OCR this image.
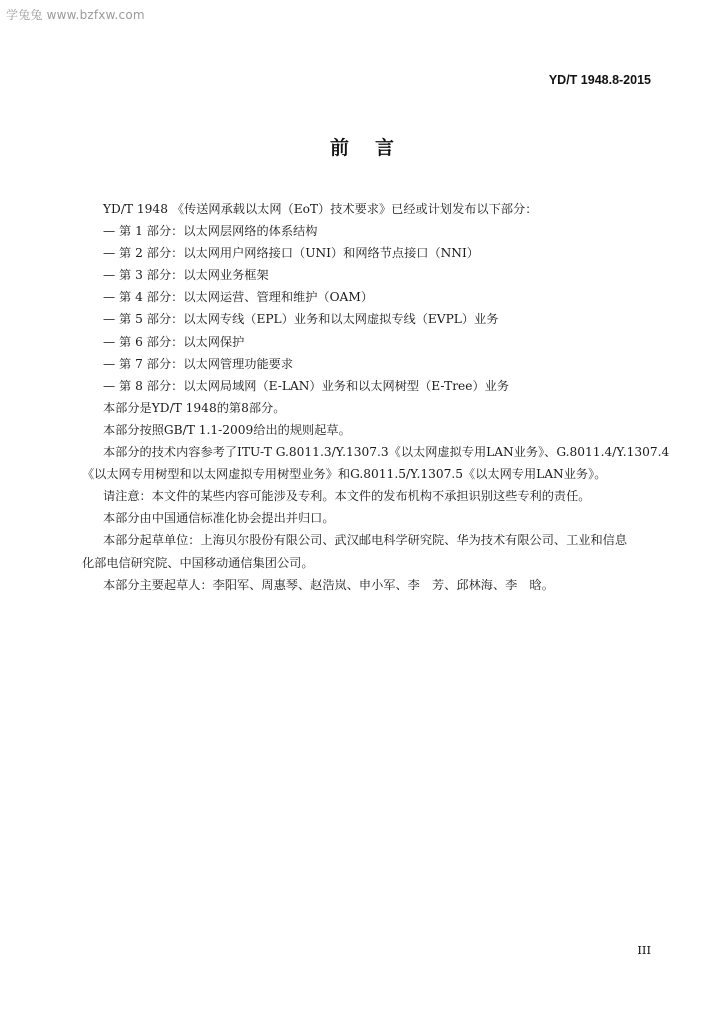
学兔兔 www.bzfxw.com
YD/T 1948.8-2015
前言
YD/T 1948 《传送网承载以太网（EoT）技术要求》已经或计划发布以下部分：
— 第 1 部分：以太网层网络的体系结构
— 第 2 部分：以太网用户网络接口（UNI）和网络节点接口（NNI）
— 第 3 部分：以太网业务框架
— 第 4 部分：以太网运营、管理和维护（OAM）
— 第 5 部分：以太网专线（EPL）业务和以太网虚拟专线（EVPL）业务
— 第 6 部分：以太网保护
— 第 7 部分：以太网管理功能要求
— 第 8 部分：以太网局域网（E-LAN）业务和以太网树型（E-Tree）业务
本部分是YD/T 1948的第8部分。
本部分按照GB/T 1.1-2009给出的规则起草。
本部分的技术内容参考了ITU-T G.8011.3/Y.1307.3《以太网虚拟专用LAN业务》、G.8011.4/Y.1307.4
《以太网专用树型和以太网虚拟专用树型业务》和G.8011.5/Y.1307.5《以太网专用LAN业务》。
请注意：本文件的某些内容可能涉及专利。本文件的发布机构不承担识别这些专利的责任。
本部分由中国通信标准化协会提出并归口。
本部分起草单位：上海贝尔股份有限公司、武汉邮电科学研究院、华为技术有限公司、工业和信息
化部电信研究院、中国移动通信集团公司。
本部分主要起草人：李阳军、周惠琴、赵浩岚、申小军、李　芳、邱林海、李　晗。
III
